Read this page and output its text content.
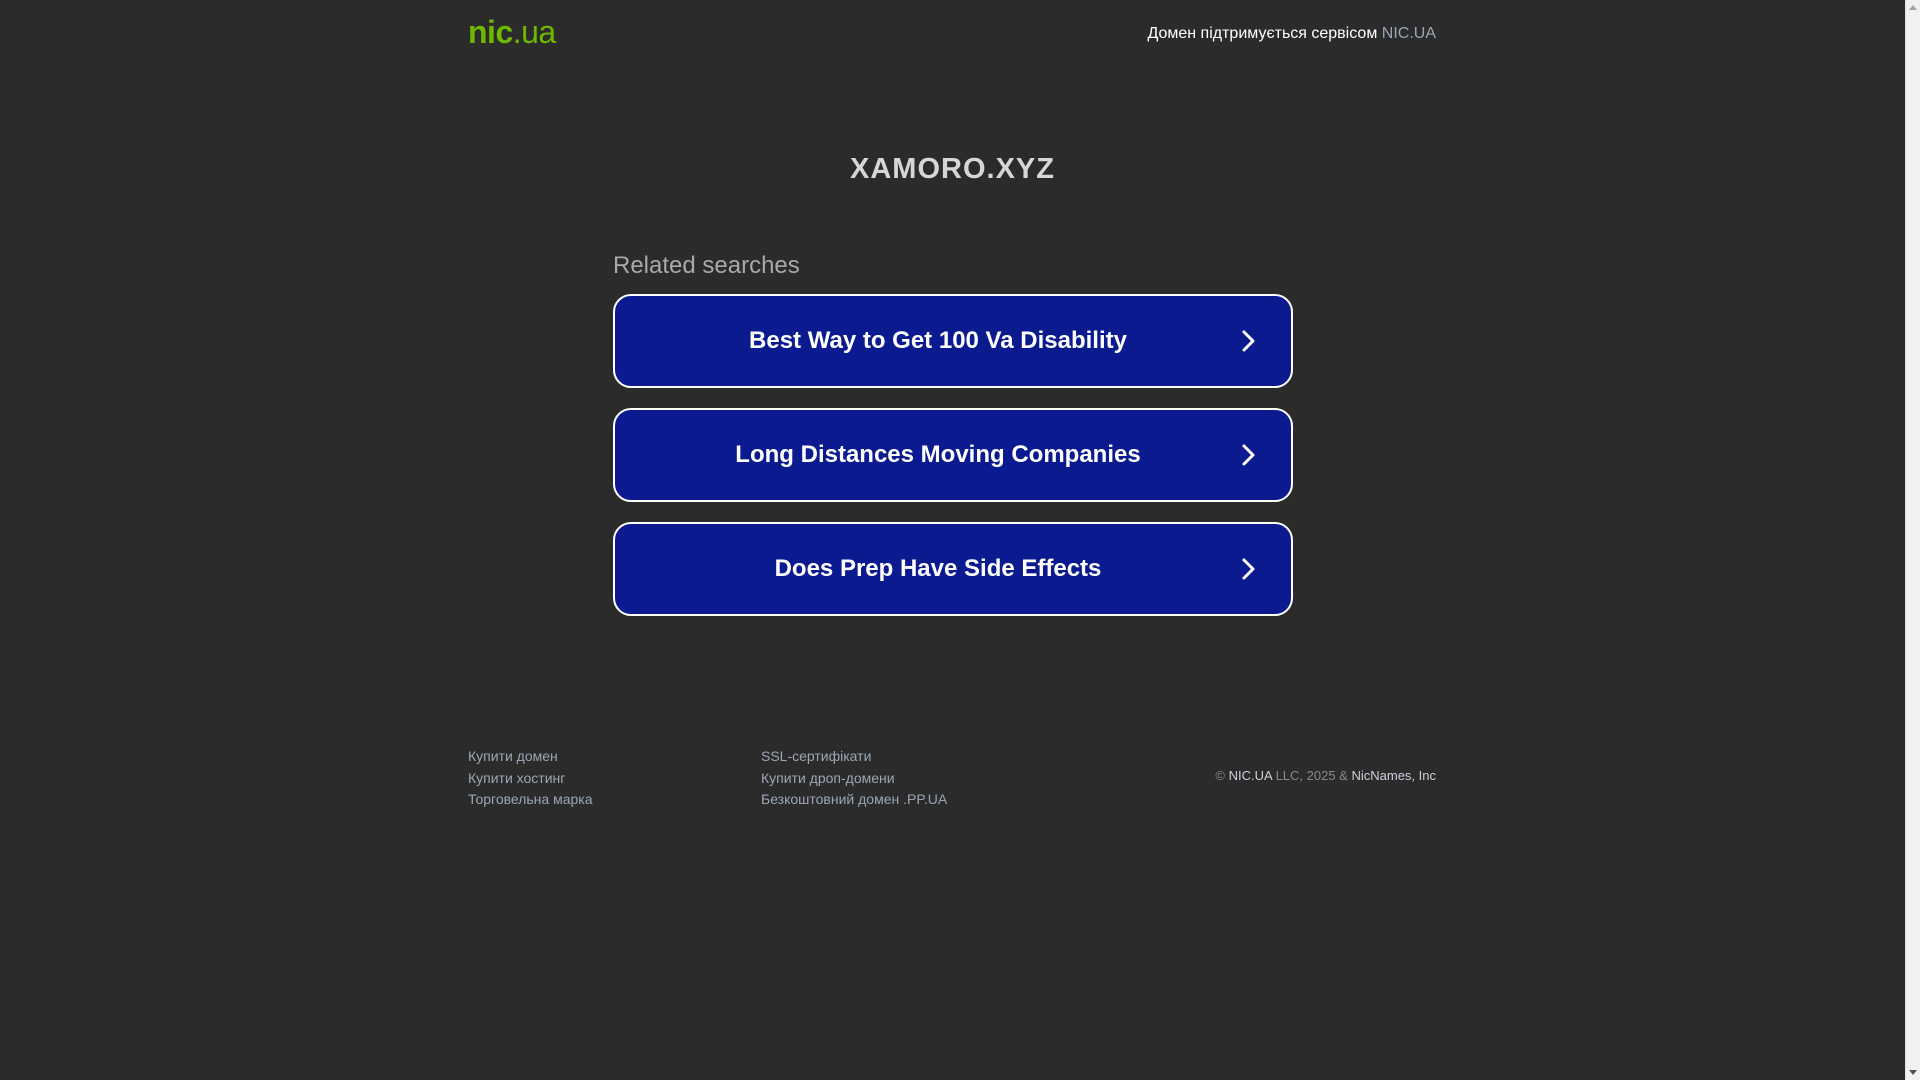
nic.ua	Домен підтримується сервісом NIC.UA
XAMORO.XYZ
Related searches
Best Way to Get 100 Va Disability
Long Distances Moving Companies
Does Prep Have Side Effects
Купити домен
Купити хостинг
Торговельна марка
SSL-сертифікати
Купити дроп-домени
Безкоштовний домен .PP.UA
© NIC.UA LLC, 2025 & NicNames, Inc
